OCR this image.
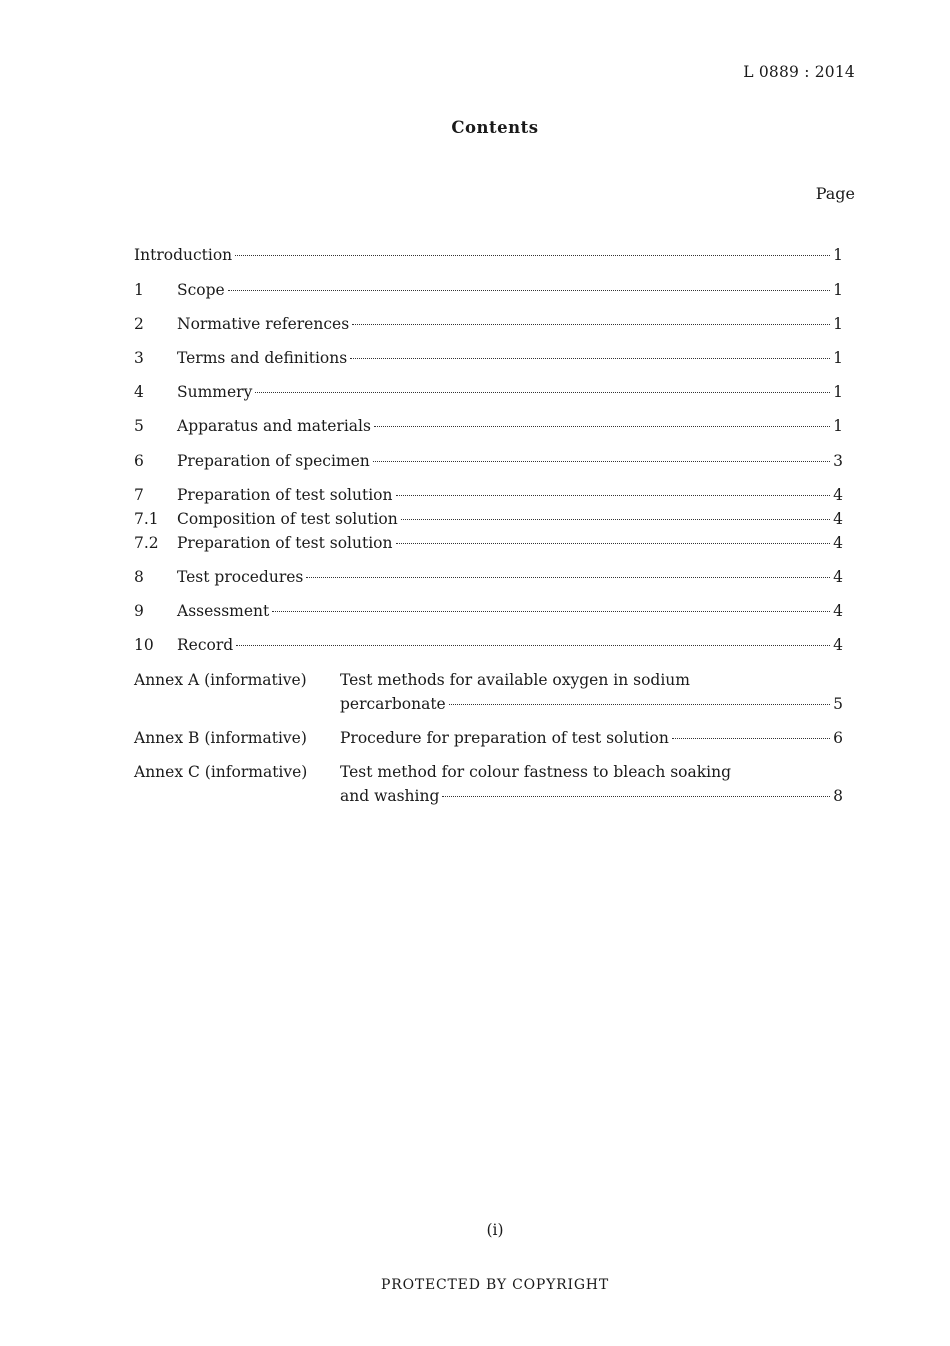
L 0889 : 2014
Contents
Page
Introduction	1
1 Scope	1
2 Normative references	1
3 Terms and definitions	1
4 Summery	1
5 Apparatus and materials	1
6 Preparation of specimen	3
7 Preparation of test solution	4
7.1 Composition of test solution	4
7.2 Preparation of test solution	4
8 Test procedures	4
9 Assessment	4
10 Record	4
Annex A (informative) Test methods for available oxygen in sodium
percarbonate	5
Annex B (informative) Procedure for preparation of test solution	6
Annex C (informative) Test method for colour fastness to bleach soaking
and washing	8
(i)
PROTECTED BY COPYRIGHT
